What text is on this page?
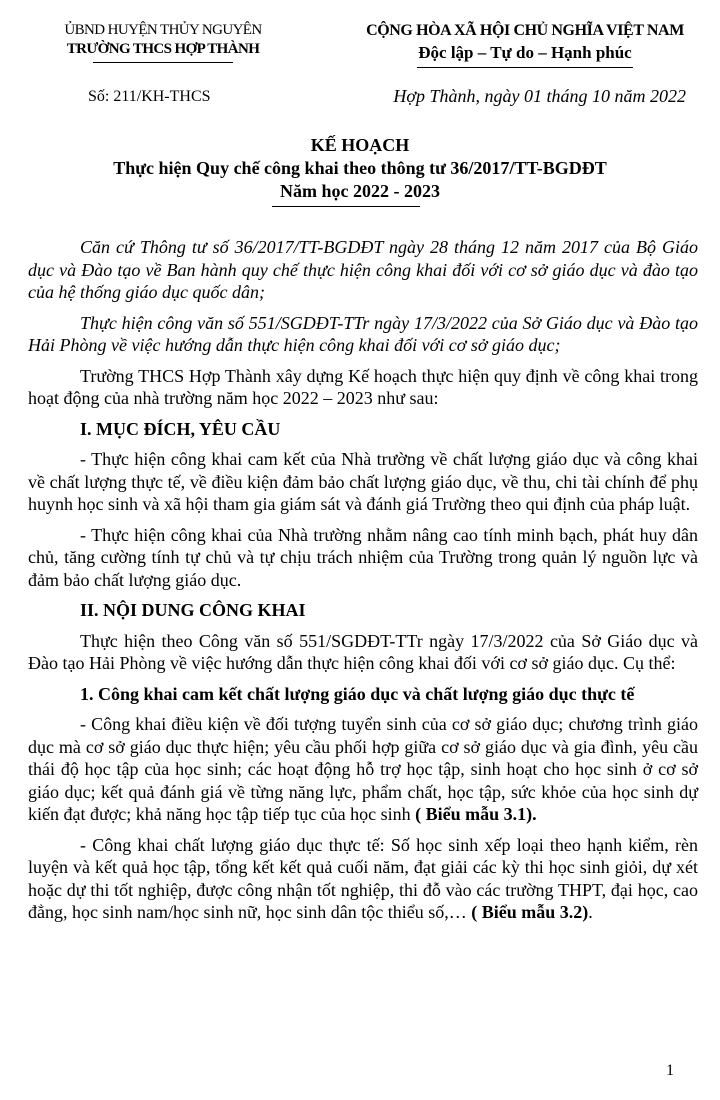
ỦBND HUYỆN THỦY NGUYÊN
TRƯỜNG THCS HỢP THÀNH
CỘNG HÒA XÃ HỘI CHỦ NGHĨA VIỆT NAM
Độc lập – Tự do – Hạnh phúc
Số: 211/KH-THCS	Hợp Thành, ngày 01 tháng 10 năm 2022
KẾ HOẠCH
Thực hiện Quy chế công khai theo thông tư 36/2017/TT-BGDĐT
Năm học 2022 - 2023

Căn cứ Thông tư số 36/2017/TT-BGDĐT ngày 28 tháng 12 năm 2017 của Bộ Giáo dục và Đào tạo về Ban hành quy chế thực hiện công khai đối với cơ sở giáo dục và đào tạo của hệ thống giáo dục quốc dân;

Thực hiện công văn số 551/SGDĐT-TTr ngày 17/3/2022 của Sở Giáo dục và Đào tạo Hải Phòng về việc hướng dẫn thực hiện công khai đối với cơ sở giáo dục;

Trường THCS Hợp Thành xây dựng Kế hoạch thực hiện quy định về công khai trong hoạt động của nhà trường năm học 2022 – 2023 như sau:

I. MỤC ĐÍCH, YÊU CẦU

- Thực hiện công khai cam kết của Nhà trường về chất lượng giáo dục và công khai về chất lượng thực tế, về điều kiện đảm bảo chất lượng giáo dục, về thu, chi tài chính để phụ huynh học sinh và xã hội tham gia giám sát và đánh giá Trường theo qui định của pháp luật.

- Thực hiện công khai của Nhà trường nhằm nâng cao tính minh bạch, phát huy dân chủ, tăng cường tính tự chủ và tự chịu trách nhiệm của Trường trong quản lý nguồn lực và đảm bảo chất lượng giáo dục.

II. NỘI DUNG CÔNG KHAI

Thực hiện theo Công văn số 551/SGDĐT-TTr ngày 17/3/2022 của Sở Giáo dục và Đào tạo Hải Phòng về việc hướng dẫn thực hiện công khai đối với cơ sở giáo dục. Cụ thể:

1. Công khai cam kết chất lượng giáo dục và chất lượng giáo dục thực tế

- Công khai điều kiện về đối tượng tuyển sinh của cơ sở giáo dục; chương trình giáo dục mà cơ sở giáo dục thực hiện; yêu cầu phối hợp giữa cơ sở giáo dục và gia đình, yêu cầu thái độ học tập của học sinh; các hoạt động hỗ trợ học tập, sinh hoạt cho học sinh ở cơ sở giáo dục; kết quả đánh giá về từng năng lực, phẩm chất, học tập, sức khỏe của học sinh dự kiến đạt được; khả năng học tập tiếp tục của học sinh ( Biểu mẫu 3.1).

- Công khai chất lượng giáo dục thực tế: Số học sinh xếp loại theo hạnh kiểm, rèn luyện và kết quả học tập, tổng kết kết quả cuối năm, đạt giải các kỳ thi học sinh giỏi, dự xét hoặc dự thi tốt nghiệp, được công nhận tốt nghiệp, thi đỗ vào các trường THPT, đại học, cao đẳng, học sinh nam/học sinh nữ, học sinh dân tộc thiểu số,… ( Biểu mẫu 3.2).

1
